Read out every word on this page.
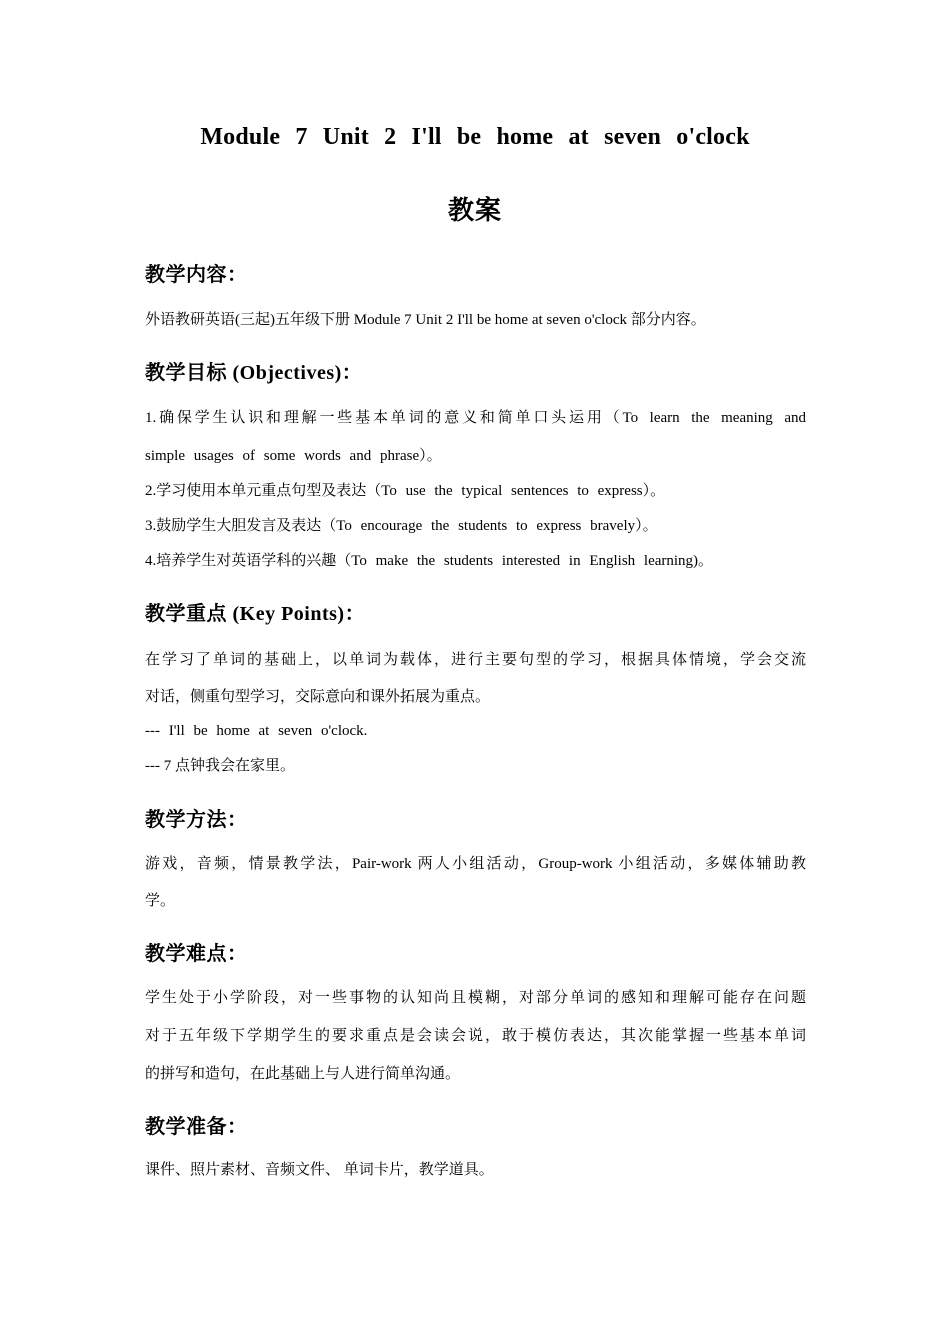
Module 7 Unit 2 I'll be home at seven o'clock
教案
教学内容：
外语教研英语(三起)五年级下册 Module 7 Unit 2 I'll be home at seven o'clock 部分内容。
教学目标 (Objectives)：
1.确保学生认识和理解一些基本单词的意义和简单口头运用（To learn the meaning and
simple usages of some words and phrase）。
2.学习使用本单元重点句型及表达（To use the typical sentences to express）。
3.鼓励学生大胆发言及表达（To encourage the students to express bravely）。
4.培养学生对英语学科的兴趣（To make the students interested in English learning)。
教学重点 (Key Points)：
在学习了单词的基础上，以单词为载体，进行主要句型的学习，根据具体情境，学会交流
对话，侧重句型学习，交际意向和课外拓展为重点。
--- I'll be home at seven o'clock.
--- 7 点钟我会在家里。
教学方法：
游戏，音频，情景教学法，Pair-work 两人小组活动，Group-work 小组活动，多媒体辅助教
学。
教学难点：
学生处于小学阶段，对一些事物的认知尚且模糊，对部分单词的感知和理解可能存在问题
对于五年级下学期学生的要求重点是会读会说，敢于模仿表达，其次能掌握一些基本单词
的拼写和造句，在此基础上与人进行简单沟通。
教学准备：
课件、照片素材、音频文件、 单词卡片，教学道具。
